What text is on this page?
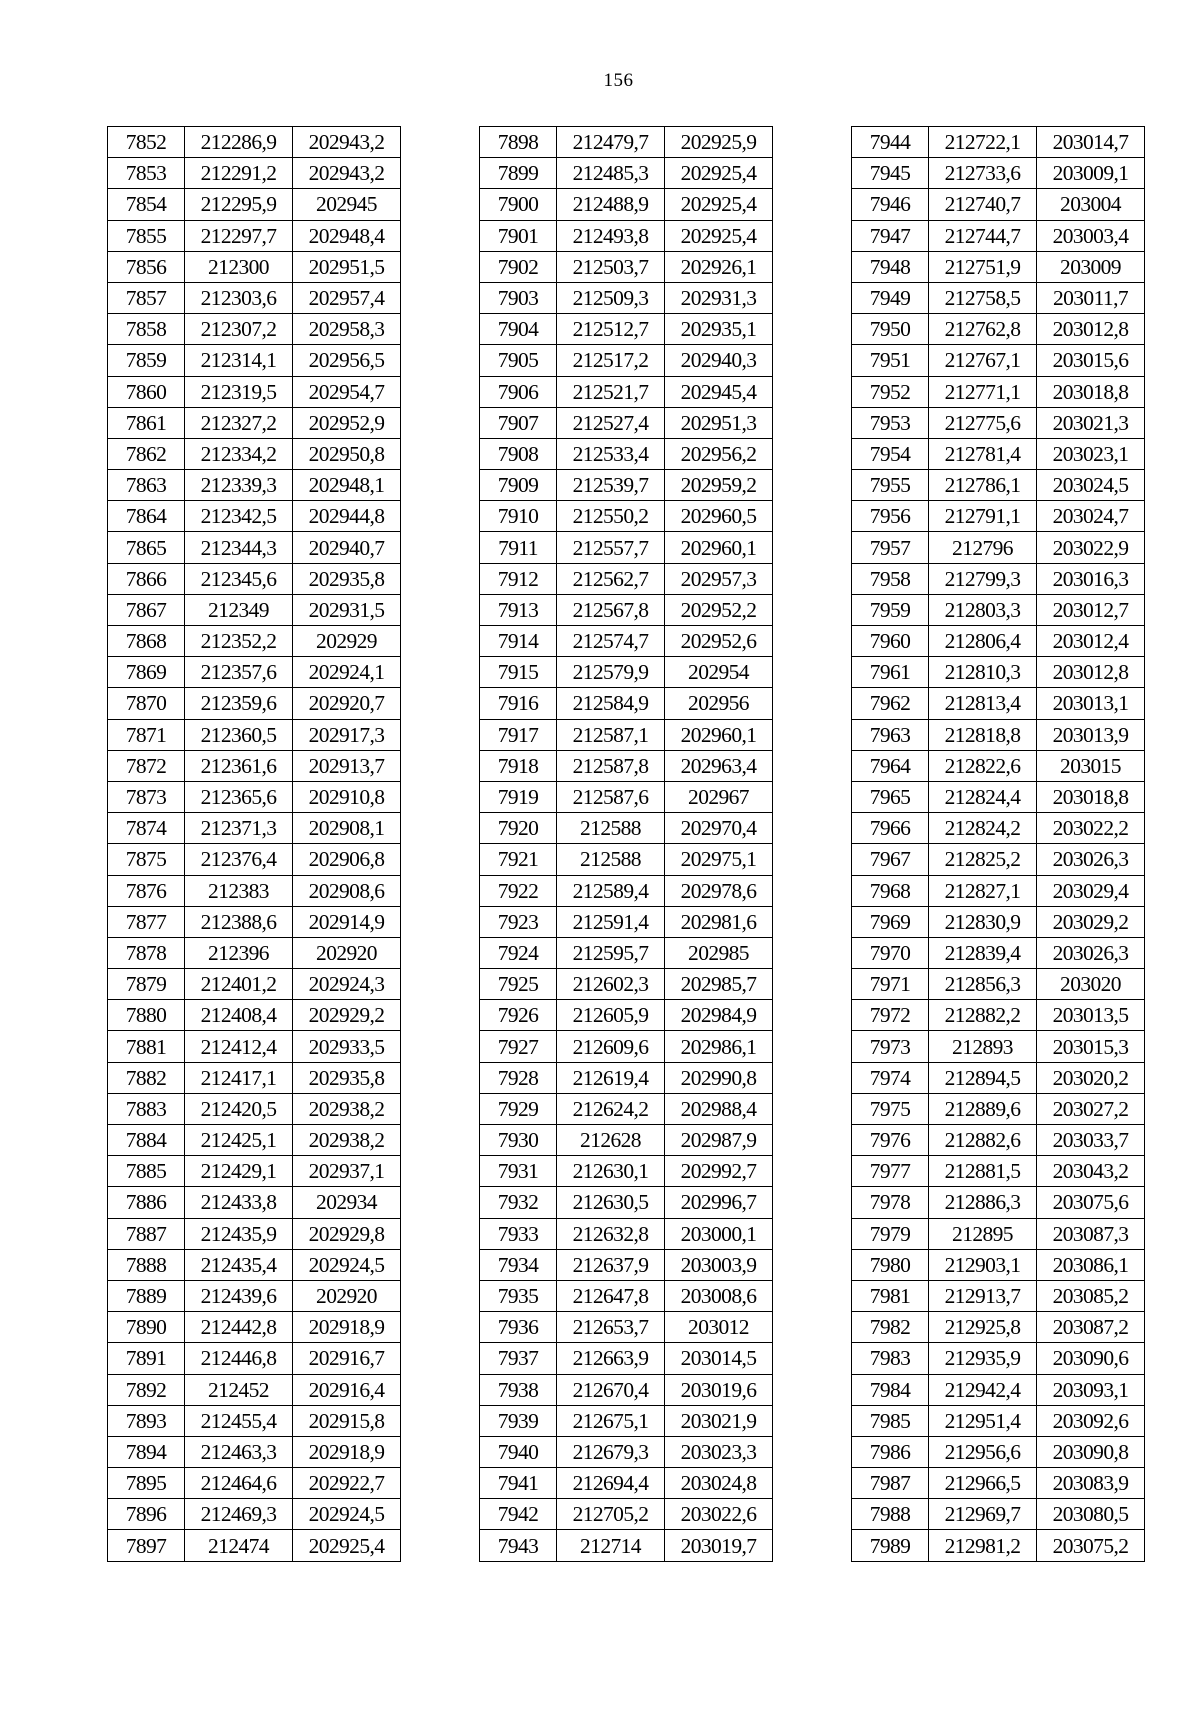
156
7852	212286,9	202943,2
7853	212291,2	202943,2
7854	212295,9	202945
7855	212297,7	202948,4
7856	212300	202951,5
7857	212303,6	202957,4
7858	212307,2	202958,3
7859	212314,1	202956,5
7860	212319,5	202954,7
7861	212327,2	202952,9
7862	212334,2	202950,8
7863	212339,3	202948,1
7864	212342,5	202944,8
7865	212344,3	202940,7
7866	212345,6	202935,8
7867	212349	202931,5
7868	212352,2	202929
7869	212357,6	202924,1
7870	212359,6	202920,7
7871	212360,5	202917,3
7872	212361,6	202913,7
7873	212365,6	202910,8
7874	212371,3	202908,1
7875	212376,4	202906,8
7876	212383	202908,6
7877	212388,6	202914,9
7878	212396	202920
7879	212401,2	202924,3
7880	212408,4	202929,2
7881	212412,4	202933,5
7882	212417,1	202935,8
7883	212420,5	202938,2
7884	212425,1	202938,2
7885	212429,1	202937,1
7886	212433,8	202934
7887	212435,9	202929,8
7888	212435,4	202924,5
7889	212439,6	202920
7890	212442,8	202918,9
7891	212446,8	202916,7
7892	212452	202916,4
7893	212455,4	202915,8
7894	212463,3	202918,9
7895	212464,6	202922,7
7896	212469,3	202924,5
7897	212474	202925,4
7898	212479,7	202925,9
7899	212485,3	202925,4
7900	212488,9	202925,4
7901	212493,8	202925,4
7902	212503,7	202926,1
7903	212509,3	202931,3
7904	212512,7	202935,1
7905	212517,2	202940,3
7906	212521,7	202945,4
7907	212527,4	202951,3
7908	212533,4	202956,2
7909	212539,7	202959,2
7910	212550,2	202960,5
7911	212557,7	202960,1
7912	212562,7	202957,3
7913	212567,8	202952,2
7914	212574,7	202952,6
7915	212579,9	202954
7916	212584,9	202956
7917	212587,1	202960,1
7918	212587,8	202963,4
7919	212587,6	202967
7920	212588	202970,4
7921	212588	202975,1
7922	212589,4	202978,6
7923	212591,4	202981,6
7924	212595,7	202985
7925	212602,3	202985,7
7926	212605,9	202984,9
7927	212609,6	202986,1
7928	212619,4	202990,8
7929	212624,2	202988,4
7930	212628	202987,9
7931	212630,1	202992,7
7932	212630,5	202996,7
7933	212632,8	203000,1
7934	212637,9	203003,9
7935	212647,8	203008,6
7936	212653,7	203012
7937	212663,9	203014,5
7938	212670,4	203019,6
7939	212675,1	203021,9
7940	212679,3	203023,3
7941	212694,4	203024,8
7942	212705,2	203022,6
7943	212714	203019,7
7944	212722,1	203014,7
7945	212733,6	203009,1
7946	212740,7	203004
7947	212744,7	203003,4
7948	212751,9	203009
7949	212758,5	203011,7
7950	212762,8	203012,8
7951	212767,1	203015,6
7952	212771,1	203018,8
7953	212775,6	203021,3
7954	212781,4	203023,1
7955	212786,1	203024,5
7956	212791,1	203024,7
7957	212796	203022,9
7958	212799,3	203016,3
7959	212803,3	203012,7
7960	212806,4	203012,4
7961	212810,3	203012,8
7962	212813,4	203013,1
7963	212818,8	203013,9
7964	212822,6	203015
7965	212824,4	203018,8
7966	212824,2	203022,2
7967	212825,2	203026,3
7968	212827,1	203029,4
7969	212830,9	203029,2
7970	212839,4	203026,3
7971	212856,3	203020
7972	212882,2	203013,5
7973	212893	203015,3
7974	212894,5	203020,2
7975	212889,6	203027,2
7976	212882,6	203033,7
7977	212881,5	203043,2
7978	212886,3	203075,6
7979	212895	203087,3
7980	212903,1	203086,1
7981	212913,7	203085,2
7982	212925,8	203087,2
7983	212935,9	203090,6
7984	212942,4	203093,1
7985	212951,4	203092,6
7986	212956,6	203090,8
7987	212966,5	203083,9
7988	212969,7	203080,5
7989	212981,2	203075,2
